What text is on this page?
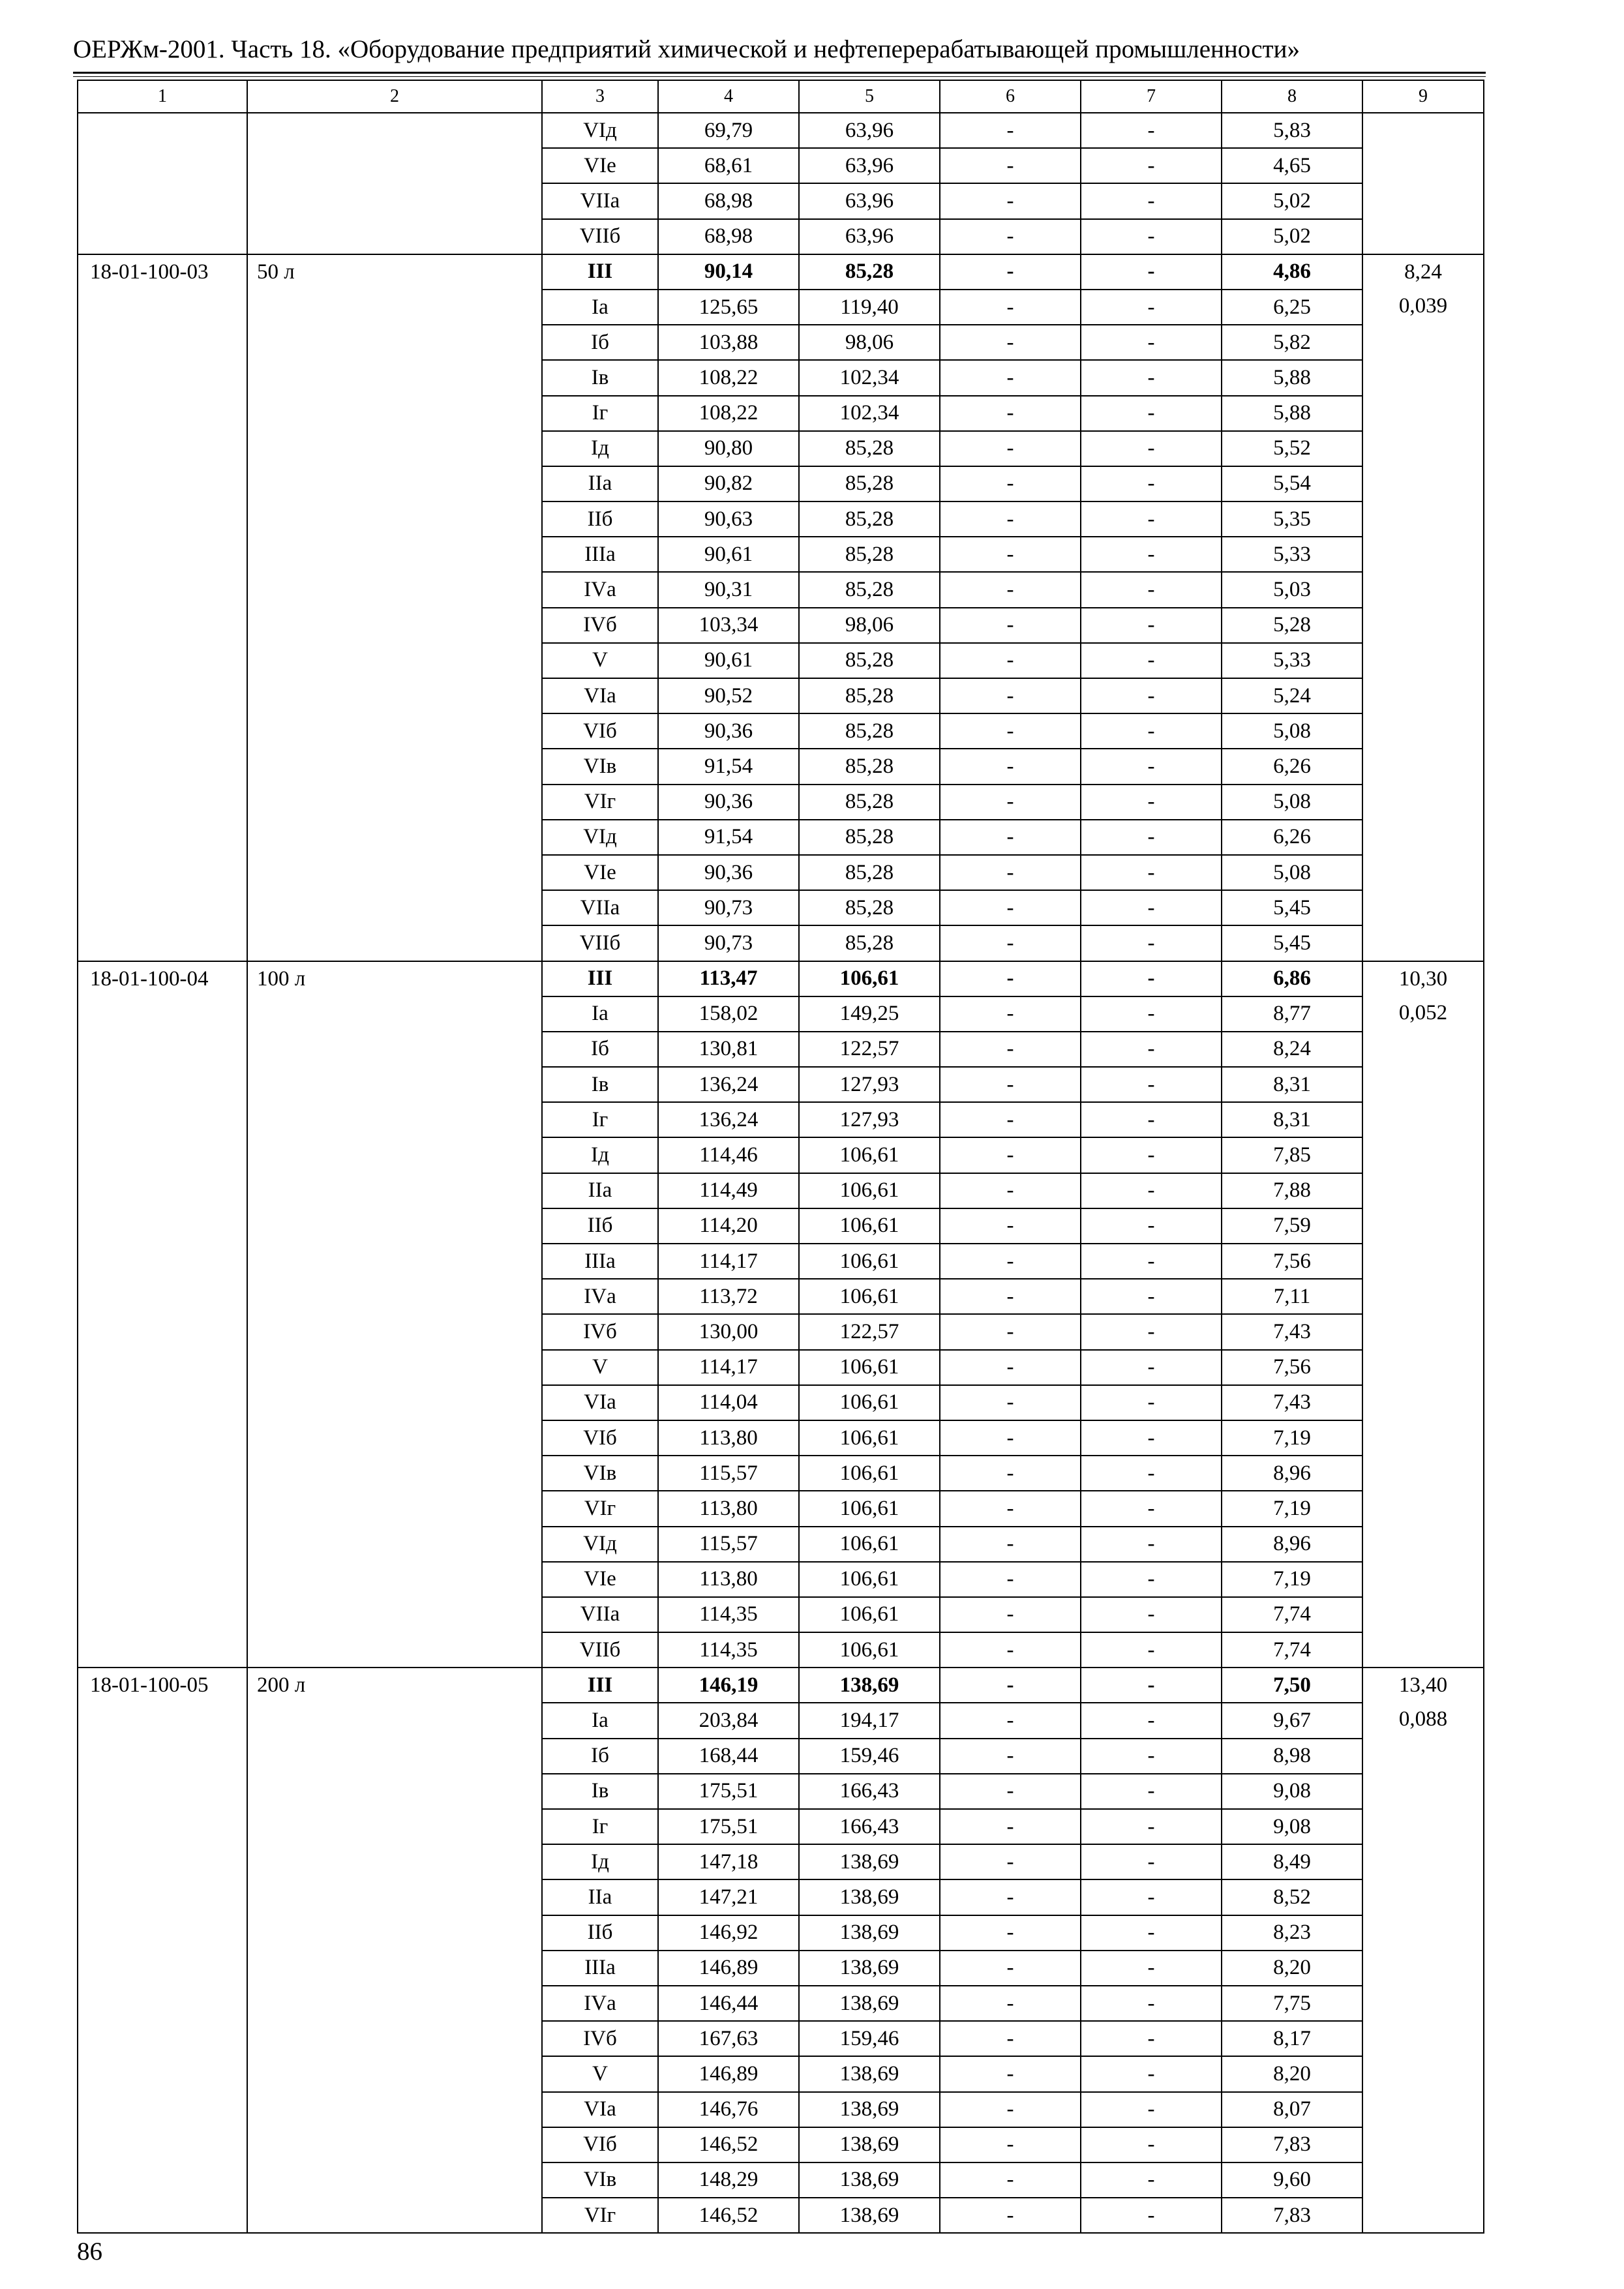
ОЕРЖм-2001. Часть 18. «Оборудование предприятий химической и нефтеперерабатывающей промышленности»
1	2	3	4	5	6	7	8	9
		VIд	69,79	63,96	-	-	5,83	
		VIе	68,61	63,96	-	-	4,65	
		VIIа	68,98	63,96	-	-	5,02	
		VIIб	68,98	63,96	-	-	5,02	
18-01-100-03	50 л	III	90,14	85,28	-	-	4,86	8,24
0,039

		Iа	125,65	119,40	-	-	6,25	
		Iб	103,88	98,06	-	-	5,82	
		Iв	108,22	102,34	-	-	5,88	
		Iг	108,22	102,34	-	-	5,88	
		Iд	90,80	85,28	-	-	5,52	
		IIа	90,82	85,28	-	-	5,54	
		IIб	90,63	85,28	-	-	5,35	
		IIIа	90,61	85,28	-	-	5,33	
		IVа	90,31	85,28	-	-	5,03	
		IVб	103,34	98,06	-	-	5,28	
		V	90,61	85,28	-	-	5,33	
		VIа	90,52	85,28	-	-	5,24	
		VIб	90,36	85,28	-	-	5,08	
		VIв	91,54	85,28	-	-	6,26	
		VIг	90,36	85,28	-	-	5,08	
		VIд	91,54	85,28	-	-	6,26	
		VIе	90,36	85,28	-	-	5,08	
		VIIа	90,73	85,28	-	-	5,45	
		VIIб	90,73	85,28	-	-	5,45	
18-01-100-04	100 л	III	113,47	106,61	-	-	6,86	10,30
0,052

		Iа	158,02	149,25	-	-	8,77	
		Iб	130,81	122,57	-	-	8,24	
		Iв	136,24	127,93	-	-	8,31	
		Iг	136,24	127,93	-	-	8,31	
		Iд	114,46	106,61	-	-	7,85	
		IIа	114,49	106,61	-	-	7,88	
		IIб	114,20	106,61	-	-	7,59	
		IIIа	114,17	106,61	-	-	7,56	
		IVа	113,72	106,61	-	-	7,11	
		IVб	130,00	122,57	-	-	7,43	
		V	114,17	106,61	-	-	7,56	
		VIа	114,04	106,61	-	-	7,43	
		VIб	113,80	106,61	-	-	7,19	
		VIв	115,57	106,61	-	-	8,96	
		VIг	113,80	106,61	-	-	7,19	
		VIд	115,57	106,61	-	-	8,96	
		VIе	113,80	106,61	-	-	7,19	
		VIIа	114,35	106,61	-	-	7,74	
		VIIб	114,35	106,61	-	-	7,74	
18-01-100-05	200 л	III	146,19	138,69	-	-	7,50	13,40
0,088

		Iа	203,84	194,17	-	-	9,67	
		Iб	168,44	159,46	-	-	8,98	
		Iв	175,51	166,43	-	-	9,08	
		Iг	175,51	166,43	-	-	9,08	
		Iд	147,18	138,69	-	-	8,49	
		IIа	147,21	138,69	-	-	8,52	
		IIб	146,92	138,69	-	-	8,23	
		IIIа	146,89	138,69	-	-	8,20	
		IVа	146,44	138,69	-	-	7,75	
		IVб	167,63	159,46	-	-	8,17	
		V	146,89	138,69	-	-	8,20	
		VIа	146,76	138,69	-	-	8,07	
		VIб	146,52	138,69	-	-	7,83	
		VIв	148,29	138,69	-	-	9,60	
		VIг	146,52	138,69	-	-	7,83	
86
